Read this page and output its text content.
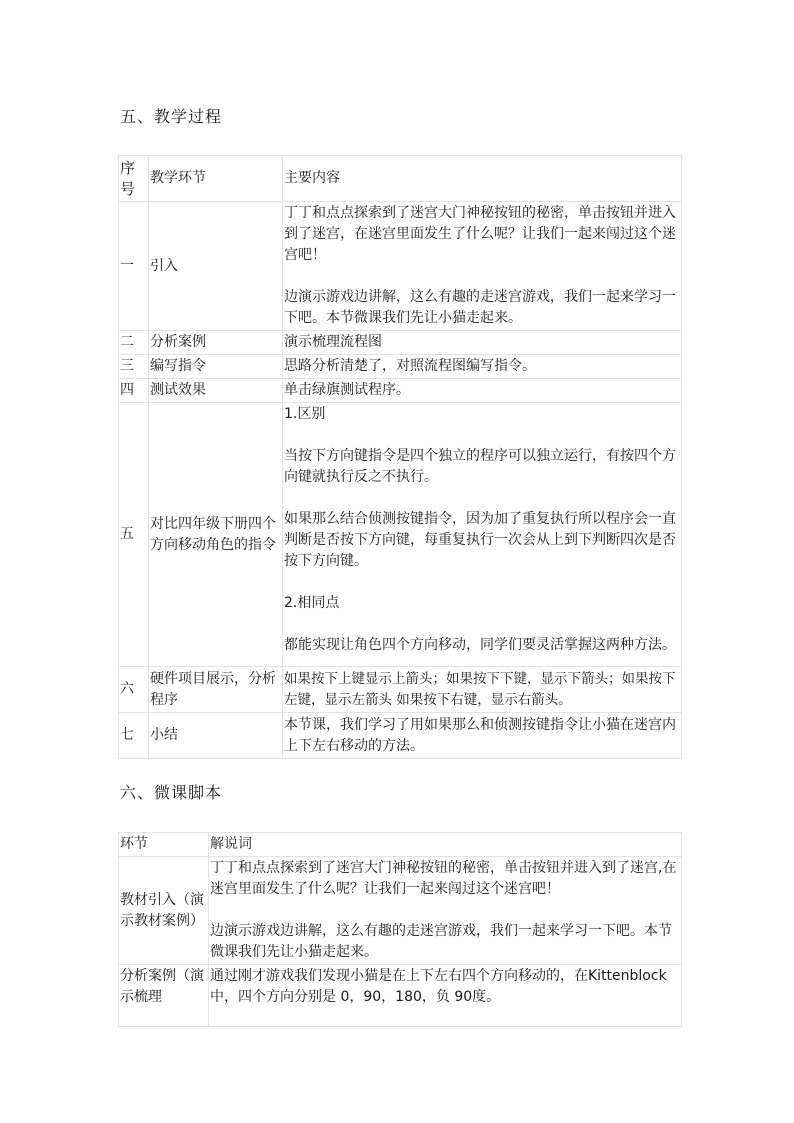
五、教学过程
序号	教学环节	主要内容
一	引入	丁丁和点点探索到了迷宫大门神秘按钮的秘密，单击按钮并进入到了迷宫，在迷宫里面发生了什么呢？让我们一起来闯过这个迷宫吧！
边演示游戏边讲解，这么有趣的走迷宫游戏，我们一起来学习一下吧。本节微课我们先让小猫走起来。

二	分析案例	演示梳理流程图
三	编写指令	思路分析清楚了，对照流程图编写指令。
四	测试效果	单击绿旗测试程序。
五	对比四年级下册四个方向移动角色的指令	1.区别
当按下方向键指令是四个独立的程序可以独立运行，有按四个方向键就执行反之不执行。
如果那么结合侦测按键指令，因为加了重复执行所以程序会一直判断是否按下方向键，每重复执行一次会从上到下判断四次是否按下方向键。
2.相同点
都能实现让角色四个方向移动，同学们要灵活掌握这两种方法。

六	硬件项目展示，分析程序	如果按下上键显示上箭头；如果按下下键，显示下箭头；如果按下左键，显示左箭头 如果按下右键，显示右箭头。
七	小结	本节课，我们学习了用如果那么和侦测按键指令让小猫在迷宫内上下左右移动的方法。
六、微课脚本
环节	解说词

教材引入（演示教材案例）	丁丁和点点探索到了迷宫大门神秘按钮的秘密，单击按钮并进入到了迷宫,在迷宫里面发生了什么呢？让我们一起来闯过这个迷宫吧！
边演示游戏边讲解，这么有趣的走迷宫游戏，我们一起来学习一下吧。本节微课我们先让小猫走起来。

分析案例（演示梳理	通过刚才游戏我们发现小猫是在上下左右四个方向移动的，在Kittenblock中，四个方向分别是 0，90，180，负 90度。
